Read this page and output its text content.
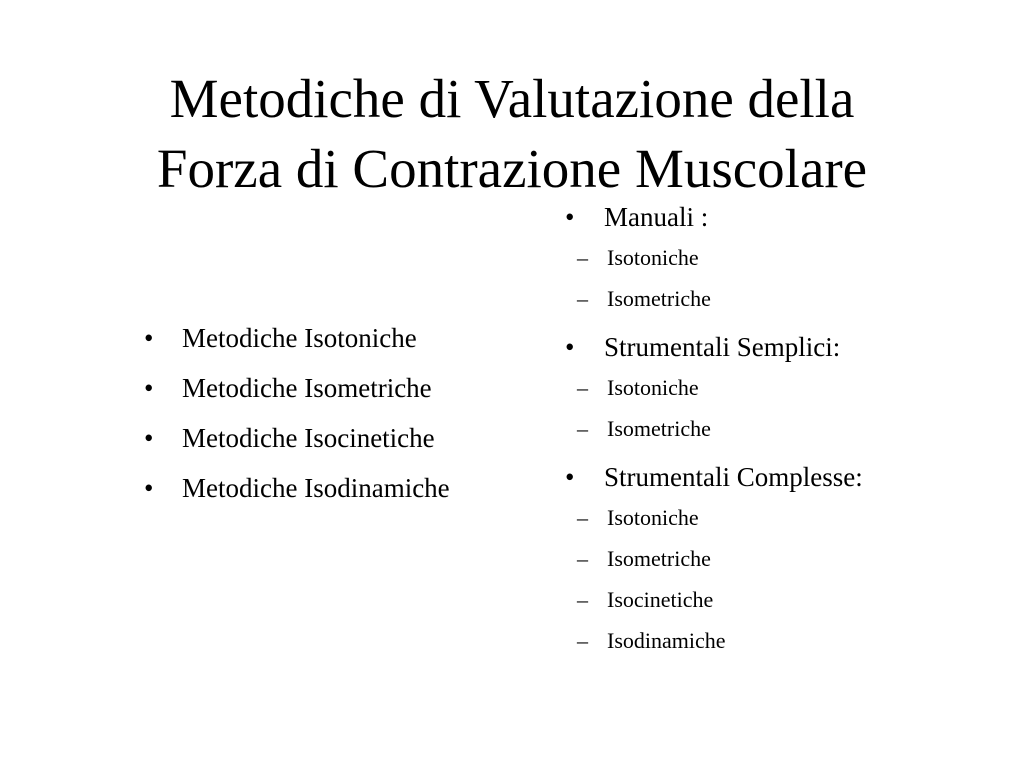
Metodiche di Valutazione della
Forza di Contrazione Muscolare
• Metodiche Isotoniche
• Metodiche Isometriche
• Metodiche Isocinetiche
• Metodiche Isodinamiche
• Manuali :
– Isotoniche
– Isometriche
• Strumentali Semplici:
– Isotoniche
– Isometriche
• Strumentali Complesse:
– Isotoniche
– Isometriche
– Isocinetiche
– Isodinamiche
